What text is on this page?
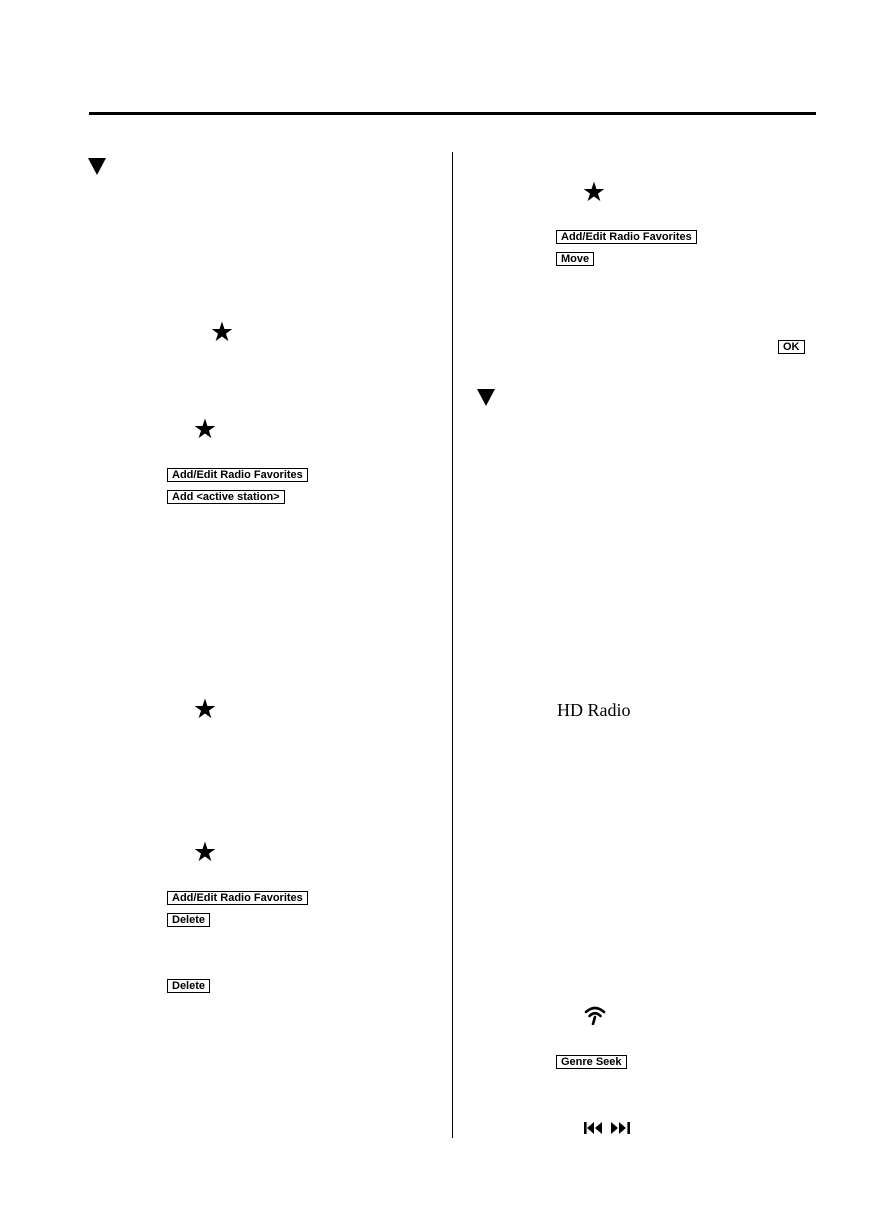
★
★
Add/Edit Radio Favorites
Add <active station>
★
★
Add/Edit Radio Favorites
Delete
Delete
★
Add/Edit Radio Favorites
Move
OK
HD Radio
Genre Seek
